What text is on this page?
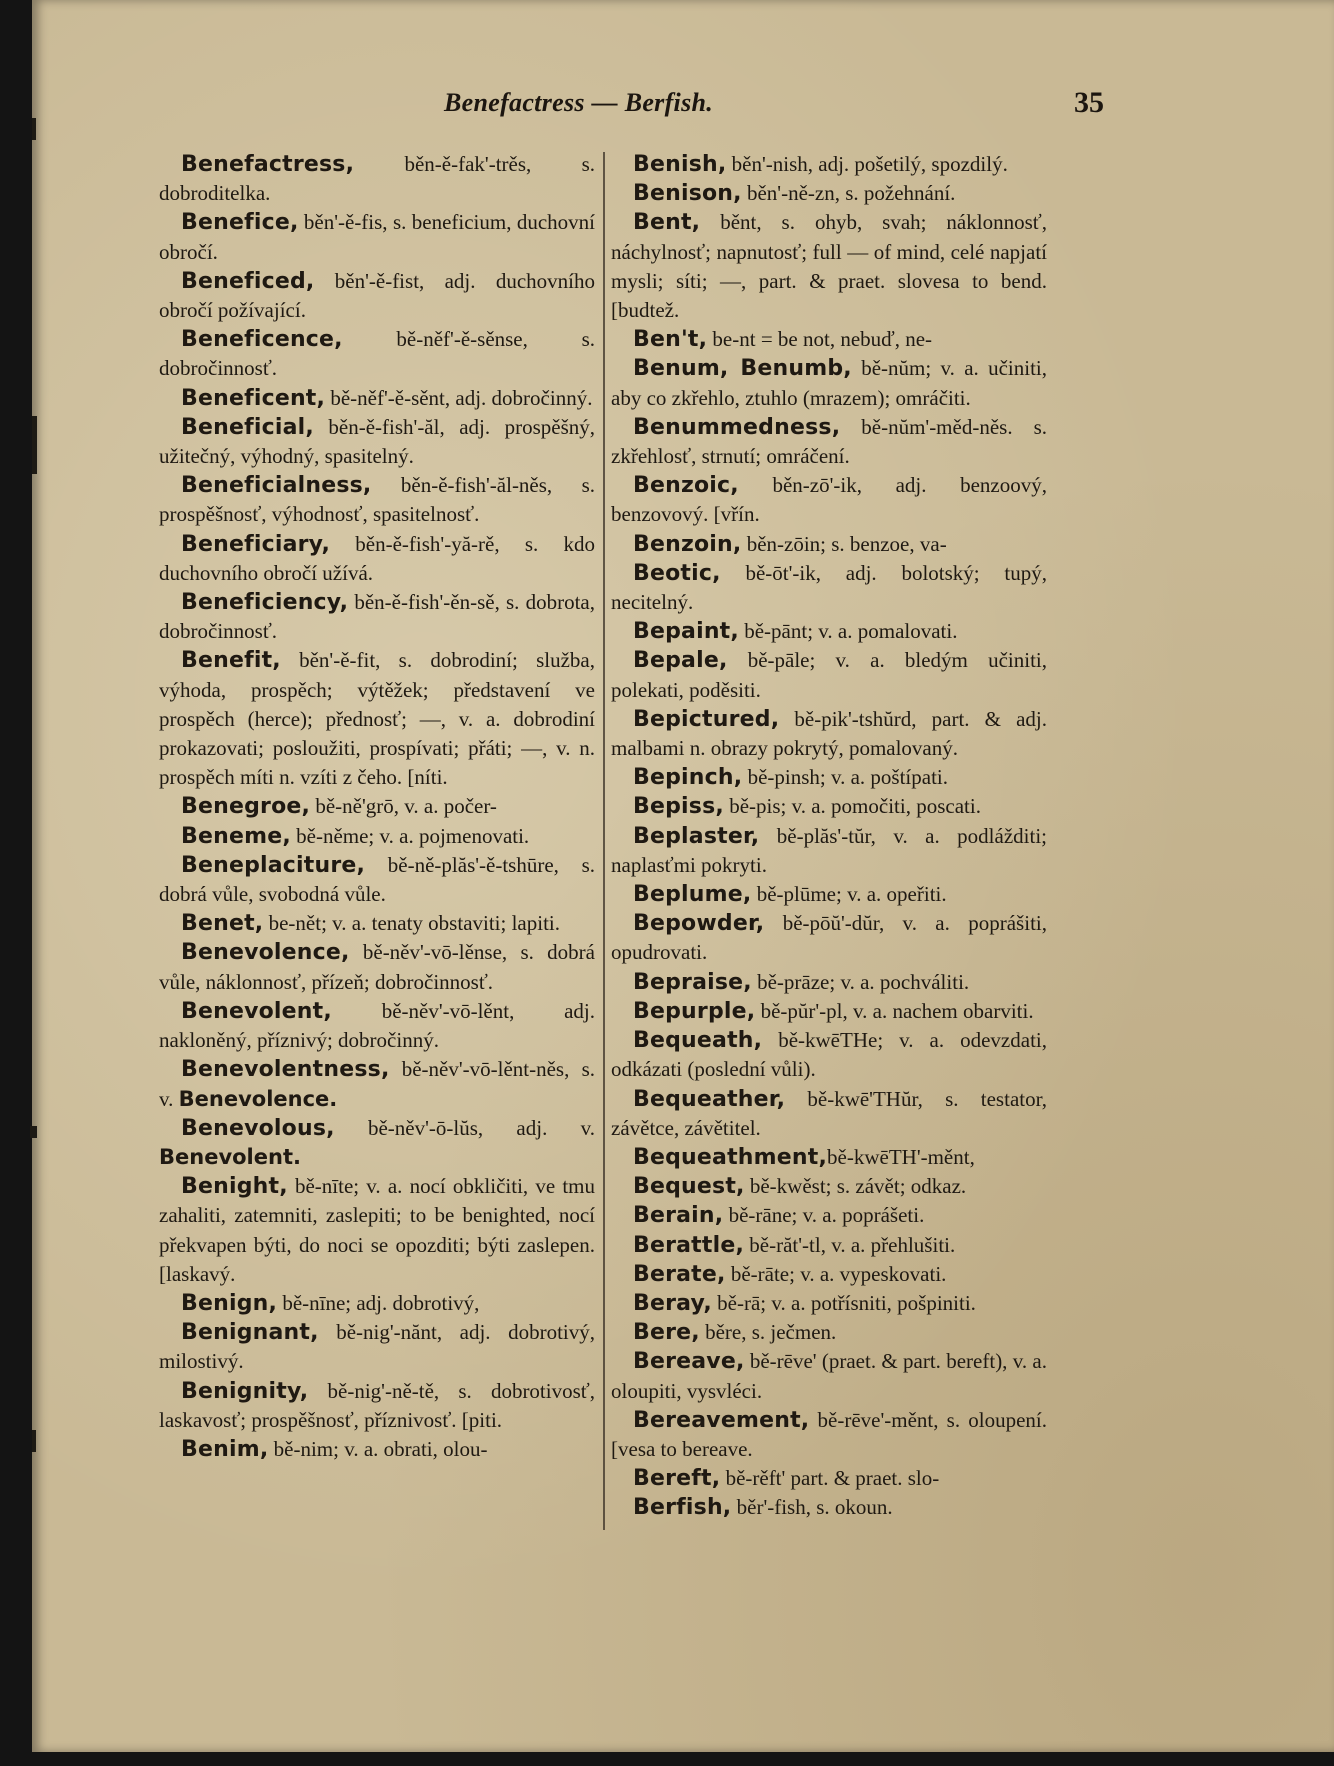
Benefactress — Berfish.	35

Benefactress, běn-ě-fak'-trěs, s. dobroditelka.

Benefice, běn'-ě-fis, s. beneficium, duchovní obročí.

Beneficed, běn'-ě-fist, adj. duchovního obročí požívající.

Beneficence, bě-něf'-ě-sěnse, s. dobročinnosť.

Beneficent, bě-něf'-ě-sěnt, adj. dobročinný.

Beneficial, běn-ě-fish'-ăl, adj. prospěšný, užitečný, výhodný, spasitelný.

Beneficialness, běn-ě-fish'-ăl-něs, s. prospěšnosť, výhodnosť, spasitelnosť.

Beneficiary, běn-ě-fish'-yă-rě, s. kdo duchovního obročí užívá.

Beneficiency, běn-ě-fish'-ěn-sě, s. dobrota, dobročinnosť.

Benefit, běn'-ě-fit, s. dobrodiní; služba, výhoda, prospěch; výtěžek; představení ve prospěch (herce); přednosť; —, v. a. dobrodiní prokazovati; posloužiti, prospívati; přáti; —, v. n. prospěch míti n. vzíti z čeho. [níti.

Benegroe, bě-ně'grō, v. a. počer-

Beneme, bě-něme; v. a. pojmenovati.

Beneplaciture, bě-ně-plăs'-ě-tshūre, s. dobrá vůle, svobodná vůle.

Benet, be-nět; v. a. tenaty obstaviti; lapiti.

Benevolence, bě-něv'-vō-lěnse, s. dobrá vůle, náklonnosť, přízeň; dobročinnosť.

Benevolent, bě-něv'-vō-lěnt, adj. nakloněný, příznivý; dobročinný.

Benevolentness, bě-něv'-vō-lěnt-něs, s. v. Benevolence.

Benevolous, bě-něv'-ō-lŭs, adj. v. Benevolent.

Benight, bě-nīte; v. a. nocí obkličiti, ve tmu zahaliti, zatemniti, zaslepiti; to be benighted, nocí překvapen býti, do noci se opozditi; býti zaslepen. [laskavý.

Benign, bě-nīne; adj. dobrotivý,

Benignant, bě-nig'-nănt, adj. dobrotivý, milostivý.

Benignity, bě-nig'-ně-tě, s. dobrotivosť, laskavosť; prospěšnosť, příznivosť. [piti.

Benim, bě-nim; v. a. obrati, olou-

Benish, běn'-nish, adj. pošetilý, spozdilý.

Benison, běn'-ně-zn, s. požehnání.

Bent, běnt, s. ohyb, svah; náklonnosť, náchylnosť; napnutosť; full — of mind, celé napjatí mysli; síti; —, part. & praet. slovesa to bend. [budtež.

Ben't, be-nt = be not, nebuď, ne-

Benum, Benumb, bě-nŭm; v. a. učiniti, aby co zkřehlo, ztuhlo (mrazem); omráčiti.

Benummedness, bě-nŭm'-měd-něs. s. zkřehlosť, strnutí; omráčení.

Benzoic, běn-zō'-ik, adj. benzoový, benzovový. [vřín.

Benzoin, běn-zōin; s. benzoe, va-

Beotic, bě-ōt'-ik, adj. bolotský; tupý, necitelný.

Bepaint, bě-pānt; v. a. pomalovati.

Bepale, bě-pāle; v. a. bledým učiniti, polekati, poděsiti.

Bepictured, bě-pik'-tshŭrd, part. & adj. malbami n. obrazy pokrytý, pomalovaný.

Bepinch, bě-pinsh; v. a. poštípati.

Bepiss, bě-pis; v. a. pomočiti, poscati.

Beplaster, bě-plăs'-tŭr, v. a. podlážditi; naplasťmi pokryti.

Beplume, bě-plūme; v. a. opeřiti.

Bepowder, bě-pōŭ'-dŭr, v. a. poprášiti, opudrovati.

Bepraise, bě-prāze; v. a. pochváliti.

Bepurple, bě-pŭr'-pl, v. a. nachem obarviti.

Bequeath, bě-kwēTHe; v. a. odevzdati, odkázati (poslední vůli).

Bequeather, bě-kwē'THŭr, s. testator, závětce, závětitel.

Bequeathment,bě-kwēTH'-měnt,

Bequest, bě-kwěst; s. závět; odkaz.

Berain, bě-rāne; v. a. poprášeti.

Berattle, bě-răt'-tl, v. a. přehlušiti.

Berate, bě-rāte; v. a. vypeskovati.

Beray, bě-rā; v. a. potřísniti, pošpiniti.

Bere, běre, s. ječmen.

Bereave, bě-rēve' (praet. & part. bereft), v. a. oloupiti, vysvléci.

Bereavement, bě-rēve'-měnt, s. oloupení. [vesa to bereave.

Bereft, bě-rěft' part. & praet. slo-

Berfish, běr'-fish, s. okoun.
